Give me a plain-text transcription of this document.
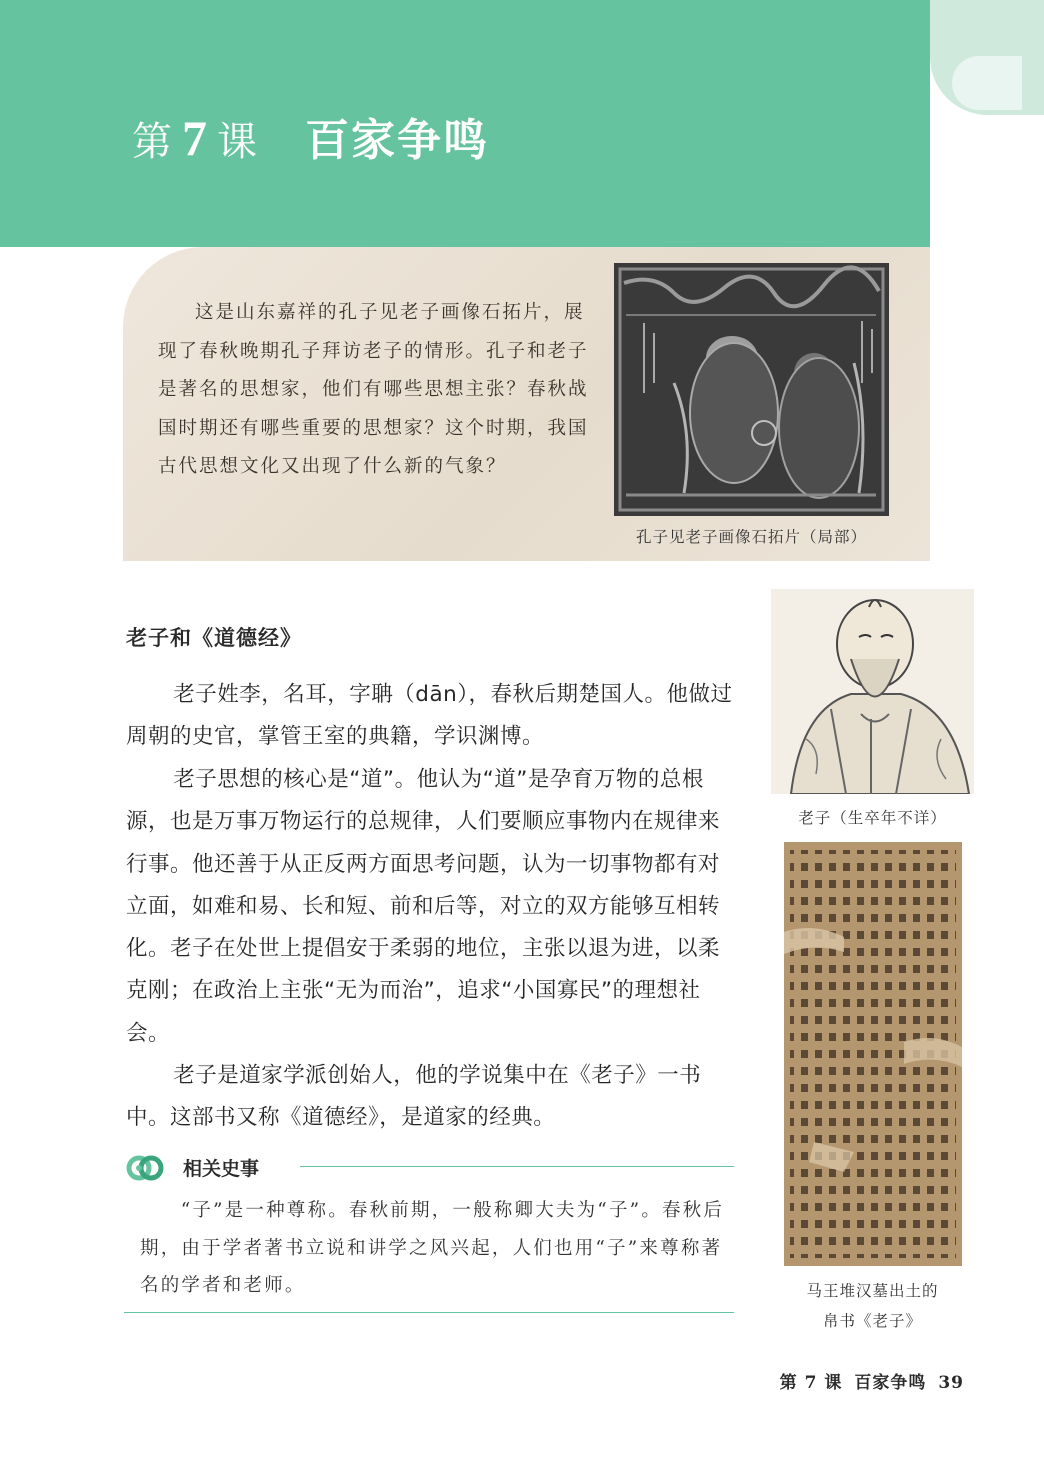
第 7 课 百家争鸣

这是山东嘉祥的孔子见老子画像石拓片，展现了春秋晚期孔子拜访老子的情形。孔子和老子是著名的思想家，他们有哪些思想主张？春秋战国时期还有哪些重要的思想家？这个时期，我国古代思想文化又出现了什么新的气象？

孔子见老子画像石拓片（局部）
老子和《道德经》

老子姓李，名耳，字聃（dān），春秋后期楚国人。他做过周朝的史官，掌管王室的典籍，学识渊博。

老子思想的核心是“道”。他认为“道”是孕育万物的总根源，也是万事万物运行的总规律，人们要顺应事物内在规律来行事。他还善于从正反两方面思考问题，认为一切事物都有对立面，如难和易、长和短、前和后等，对立的双方能够互相转化。老子在处世上提倡安于柔弱的地位，主张以退为进，以柔克刚；在政治上主张“无为而治”，追求“小国寡民”的理想社会。

老子是道家学派创始人，他的学说集中在《老子》一书中。这部书又称《道德经》，是道家的经典。

相关史事

“子”是一种尊称。春秋前期，一般称卿大夫为“子”。春秋后期，由于学者著书立说和讲学之风兴起，人们也用“子”来尊称著名的学者和老师。

老子（生卒年不详）
马王堆汉墓出土的
帛书《老子》
第 7 课 百家争鸣 39
